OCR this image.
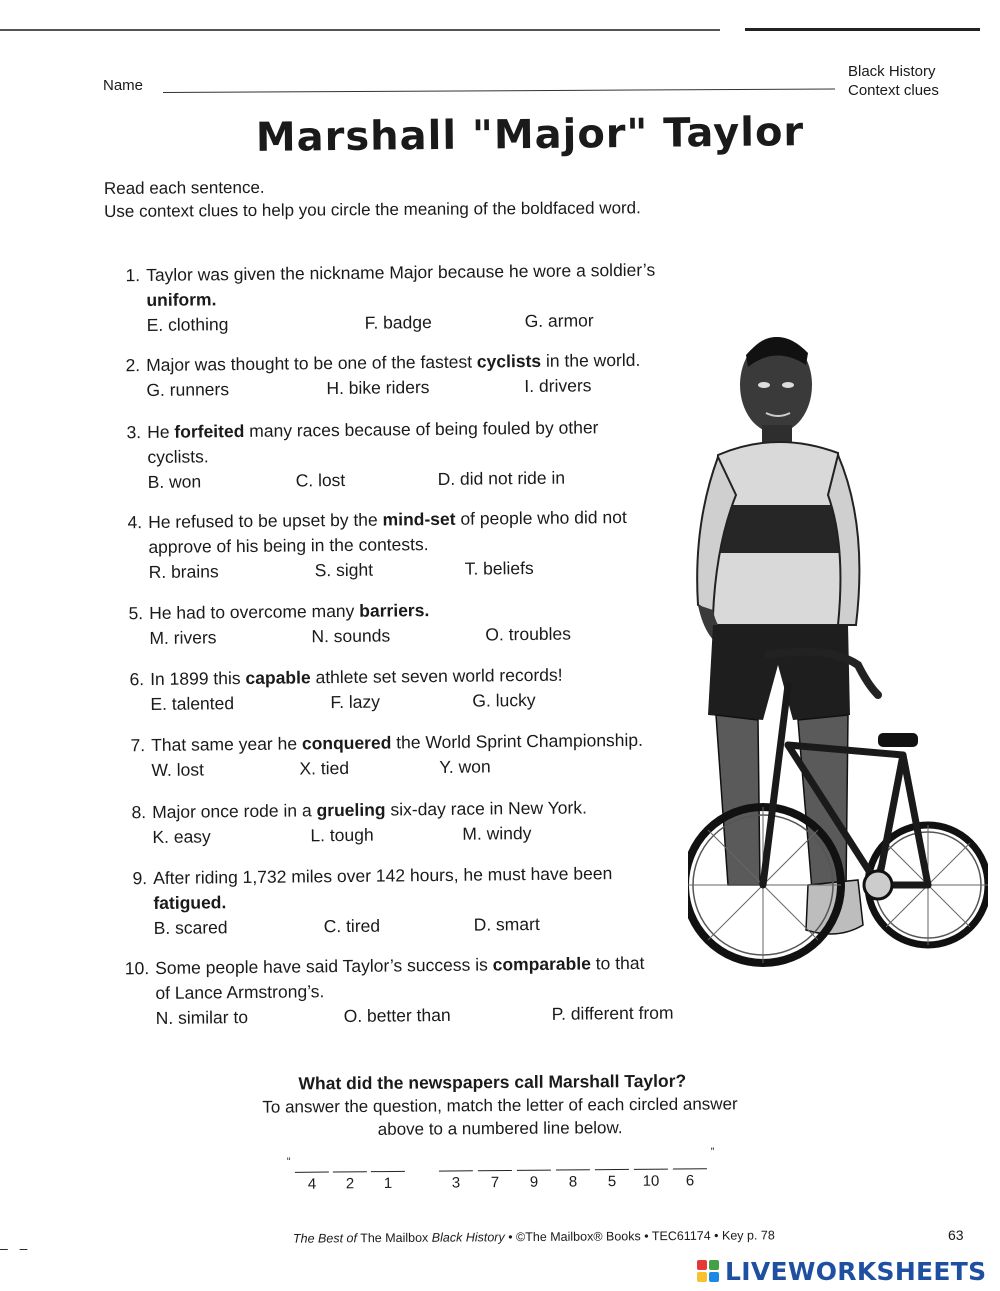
Name
Black History
Context clues
Marshall "Major" Taylor
Read each sentence.
Use context clues to help you circle the meaning of the boldfaced word.
1. Taylor was given the nickname Major because he wore a soldier’s uniform.
E. clothing	F. badge	G. armor
2. Major was thought to be one of the fastest cyclists in the world.
G. runners	H. bike riders	I. drivers
3. He forfeited many races because of being fouled by other cyclists.
B. won	C. lost	D. did not ride in
4. He refused to be upset by the mind-set of people who did not approve of his being in the contests.
R. brains	S. sight	T. beliefs
5. He had to overcome many barriers.
M. rivers	N. sounds	O. troubles
6. In 1899 this capable athlete set seven world records!
E. talented	F. lazy	G. lucky
7. That same year he conquered the World Sprint Championship.
W. lost	X. tied	Y. won
8. Major once rode in a grueling six-day race in New York.
K. easy	L. tough	M. windy
9. After riding 1,732 miles over 142 hours, he must have been fatigued.
B. scared	C. tired	D. smart
10. Some people have said Taylor’s success is comparable to that of Lance Armstrong’s.
N. similar to	O. better than	P. different from
What did the newspapers call Marshall Taylor?
To answer the question, match the letter of each circled answer
above to a numbered line below.
“
”
4	2	1	3	7	9	8	5	10	6
– –
The Best of The Mailbox Black History • ©The Mailbox® Books • TEC61174 • Key p. 78	63
LIVEWORKSHEETS
